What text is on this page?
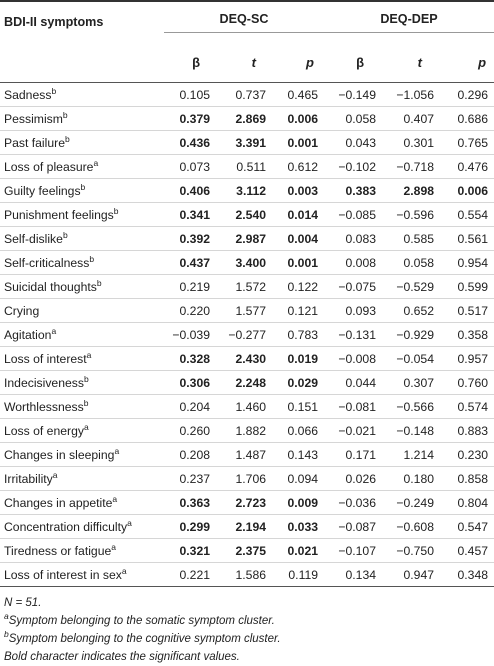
BDI-II symptoms	DEQ-SC			DEQ-DEP		
	β	t	p	β	t	p
Sadness$^b$	0.105	0.737	0.465	−0.149	−1.056	0.296
Pessimism$^b$	0.379	2.869	0.006	0.058	0.407	0.686
Past failure$^b$	0.436	3.391	0.001	0.043	0.301	0.765
Loss of pleasure$^a$	0.073	0.511	0.612	−0.102	−0.718	0.476
Guilty feelings$^b$	0.406	3.112	0.003	0.383	2.898	0.006
Punishment feelings$^b$	0.341	2.540	0.014	−0.085	−0.596	0.554
Self-dislike$^b$	0.392	2.987	0.004	0.083	0.585	0.561
Self-criticalness$^b$	0.437	3.400	0.001	0.008	0.058	0.954
Suicidal thoughts$^b$	0.219	1.572	0.122	−0.075	−0.529	0.599
Crying	0.220	1.577	0.121	0.093	0.652	0.517
Agitation$^a$	−0.039	−0.277	0.783	−0.131	−0.929	0.358
Loss of interest$^a$	0.328	2.430	0.019	−0.008	−0.054	0.957
Indecisiveness$^b$	0.306	2.248	0.029	0.044	0.307	0.760
Worthlessness$^b$	0.204	1.460	0.151	−0.081	−0.566	0.574
Loss of energy$^a$	0.260	1.882	0.066	−0.021	−0.148	0.883
Changes in sleeping$^a$	0.208	1.487	0.143	0.171	1.214	0.230
Irritability$^a$	0.237	1.706	0.094	0.026	0.180	0.858
Changes in appetite$^a$	0.363	2.723	0.009	−0.036	−0.249	0.804
Concentration difficulty$^a$	0.299	2.194	0.033	−0.087	−0.608	0.547
Tiredness or fatigue$^a$	0.321	2.375	0.021	−0.107	−0.750	0.457
Loss of interest in sex$^a$	0.221	1.586	0.119	0.134	0.947	0.348
N = 51.
$^a$Symptom belonging to the somatic symptom cluster.
$^b$Symptom belonging to the cognitive symptom cluster.
Bold character indicates the significant values.
